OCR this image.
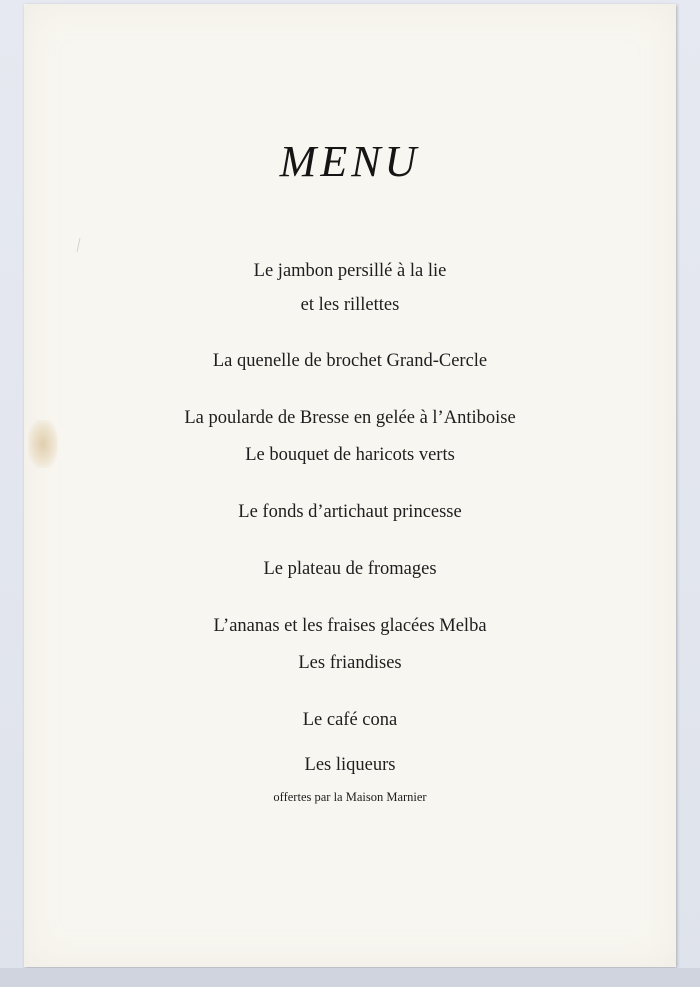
MENU
Le jambon persillé à la lie
et les rillettes
La quenelle de brochet Grand-Cercle
La poularde de Bresse en gelée à l’Antiboise
Le bouquet de haricots verts
Le fonds d’artichaut princesse
Le plateau de fromages
L’ananas et les fraises glacées Melba
Les friandises
Le café cona
Les liqueurs
offertes par la Maison Marnier
